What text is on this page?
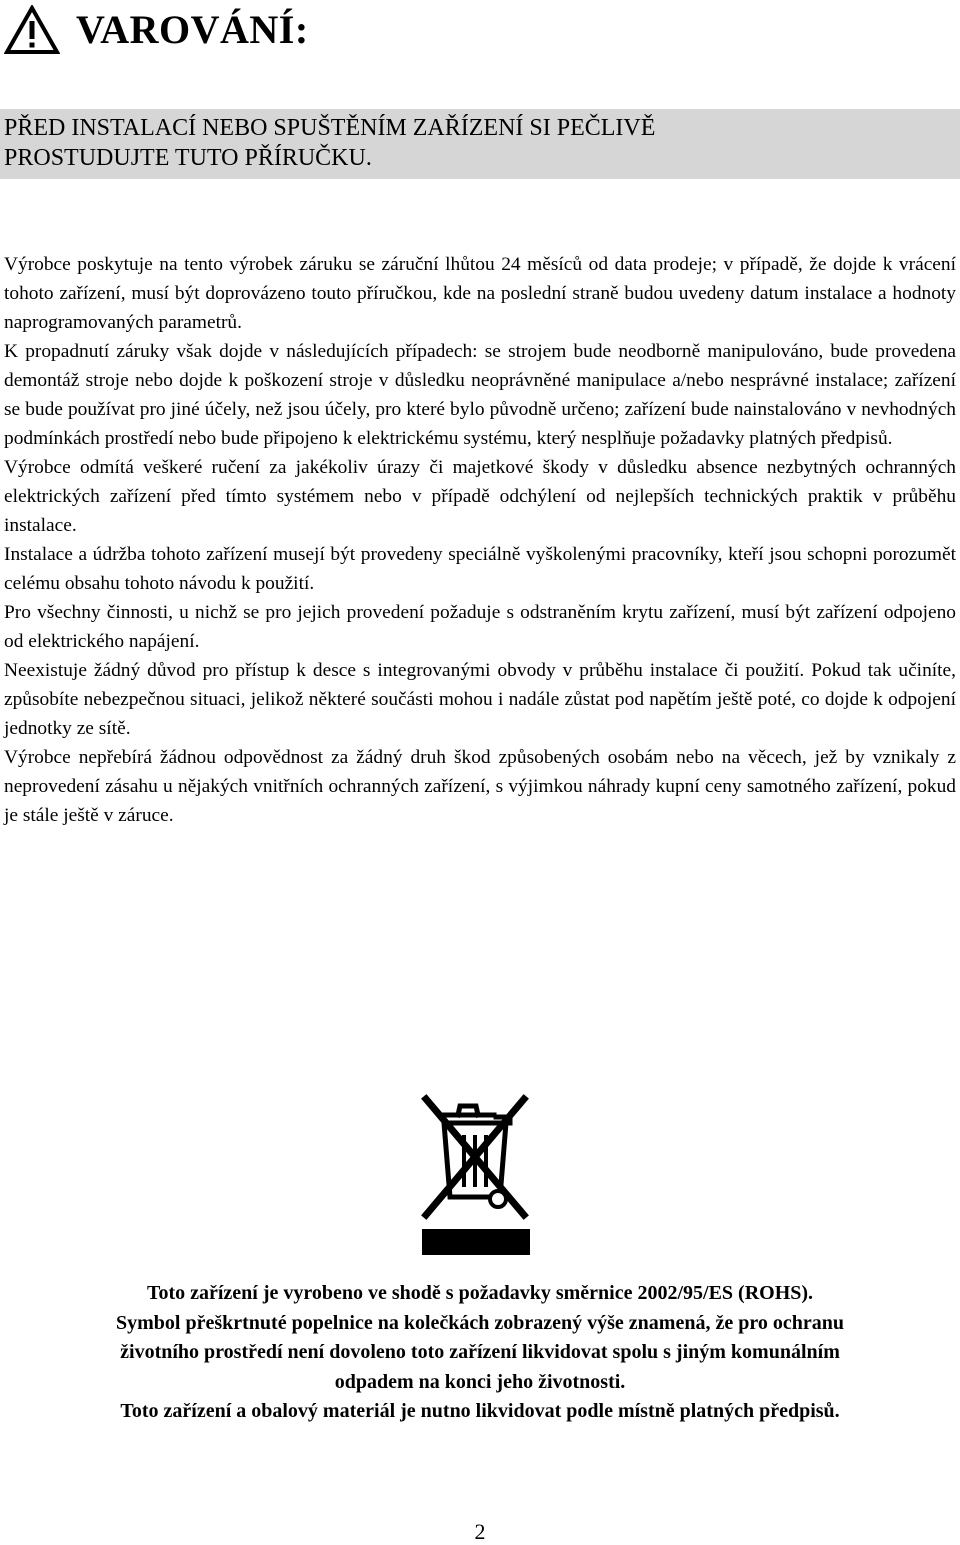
VAROVÁNÍ:
PŘED INSTALACÍ NEBO SPUŠTĚNÍM ZAŘÍZENÍ SI PEČLIVĚ
PROSTUDUJTE TUTO PŘÍRUČKU.

Výrobce poskytuje na tento výrobek záruku se záruční lhůtou 24 měsíců od data prodeje; v případě, že dojde k vrácení tohoto zařízení, musí být doprovázeno touto příručkou, kde na poslední straně budou uvedeny datum instalace a hodnoty naprogramovaných parametrů.

K propadnutí záruky však dojde v následujících případech: se strojem bude neodborně manipulováno, bude provedena demontáž stroje nebo dojde k poškození stroje v důsledku neoprávněné manipulace a/nebo nesprávné instalace; zařízení se bude používat pro jiné účely, než jsou účely, pro které bylo původně určeno; zařízení bude nainstalováno v nevhodných podmínkách prostředí nebo bude připojeno k elektrickému systému, který nesplňuje požadavky platných předpisů.

Výrobce odmítá veškeré ručení za jakékoliv úrazy či majetkové škody v důsledku absence nezbytných ochranných elektrických zařízení před tímto systémem nebo v případě odchýlení od nejlepších technických praktik v průběhu instalace.

Instalace a údržba tohoto zařízení musejí být provedeny speciálně vyškolenými pracovníky, kteří jsou schopni porozumět celému obsahu tohoto návodu k použití.

Pro všechny činnosti, u nichž se pro jejich provedení požaduje s odstraněním krytu zařízení, musí být zařízení odpojeno od elektrického napájení.

Neexistuje žádný důvod pro přístup k desce s integrovanými obvody v průběhu instalace či použití. Pokud tak učiníte, způsobíte nebezpečnou situaci, jelikož některé součásti mohou i nadále zůstat pod napětím ještě poté, co dojde k odpojení jednotky ze sítě.

Výrobce nepřebírá žádnou odpovědnost za žádný druh škod způsobených osobám nebo na věcech, jež by vznikaly z neprovedení zásahu u nějakých vnitřních ochranných zařízení, s výjimkou náhrady kupní ceny samotného zařízení, pokud je stále ještě v záruce.

Toto zařízení je vyrobeno ve shodě s požadavky směrnice 2002/95/ES (ROHS).

Symbol přeškrtnuté popelnice na kolečkách zobrazený výše znamená, že pro ochranu

životního prostředí není dovoleno toto zařízení likvidovat spolu s jiným komunálním

odpadem na konci jeho životnosti.

Toto zařízení a obalový materiál je nutno likvidovat podle místně platných předpisů.

2
